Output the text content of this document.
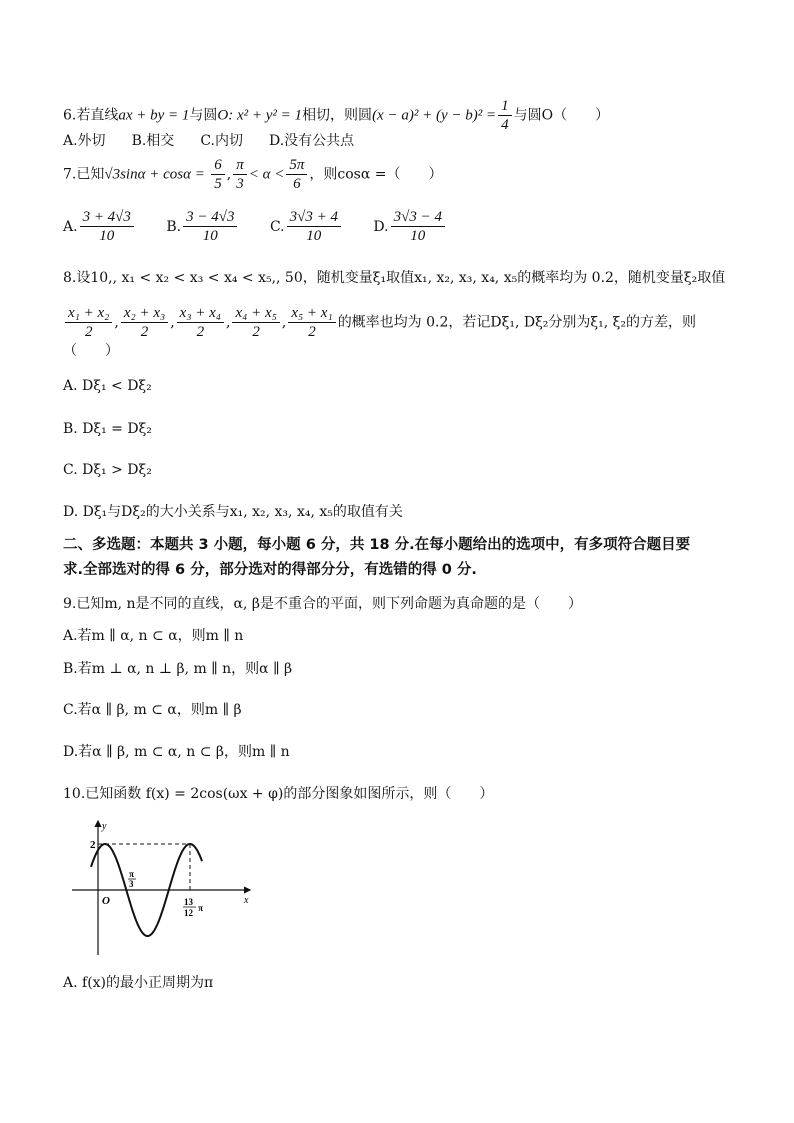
6.若直线ax + by = 1与圆O: x² + y² = 1相切，则圆$(x - a)^2 + (y - b)^2 = \frac{1}{4}$ 与圆O（　　）
A.外切 B.相交 C.内切 D.没有公共点
7.已知$√3\sin\alpha + \cos\alpha = \frac{6}{5}$ , $\frac{\pi}{3} < \alpha < \frac{5\pi}{6}$ ，则cosα =（　　）
A. $\frac{3 + 4√3}{10} B$. $\frac{3 - 4√3}{10} C$. $\frac{3√3 + 4}{10} D$. $\frac{3√3 - 4}{10}$
8.设10,, x₁ < x₂ < x₃ < x₄ < x₅,, 50，随机变量ξ₁取值x₁, x₂, x₃, x₄, x₅的概率均为 0.2，随机变量ξ₂取值
$\frac{\text{x₁ + x₂}}{2}$ , $\frac{\text{x₂ + x₃}}{2}$ , $\frac{\text{x₃ + x₄}}{2}$ , $\frac{\text{x₄ + x₅}}{2}$ , $\frac{\text{x₅ + x₁}}{2}$ 的概率也均为 0.2，若记Dξ₁, Dξ₂分别为ξ₁, ξ₂的方差，则
（　　）
A. Dξ₁ < Dξ₂
B. Dξ₁ = Dξ₂
C. Dξ₁ > Dξ₂
D. Dξ₁与Dξ₂的大小关系与x₁, x₂, x₃, x₄, x₅的取值有关
二、多选题：本题共 3 小题，每小题 6 分，共 18 分.在每小题给出的选项中，有多项符合题目要
求.全部选对的得 6 分，部分选对的得部分分，有选错的得 0 分.
9.已知m, n是不同的直线，α, β是不重合的平面，则下列命题为真命题的是（　　）
A.若m ∥ α, n ⊂ α，则m ∥ n
B.若m ⊥ α, n ⊥ β, m ∥ n，则α ∥ β
C.若α ∥ β, m ⊂ α，则m ∥ β
D.若α ∥ β, m ⊂ α, n ⊂ β，则m ∥ n
10.已知函数 f(x) = 2cos(ωx + φ)的部分图象如图所示，则（　　）
2
y
x
O
π
3
13
12 π
A. f(x)的最小正周期为π
